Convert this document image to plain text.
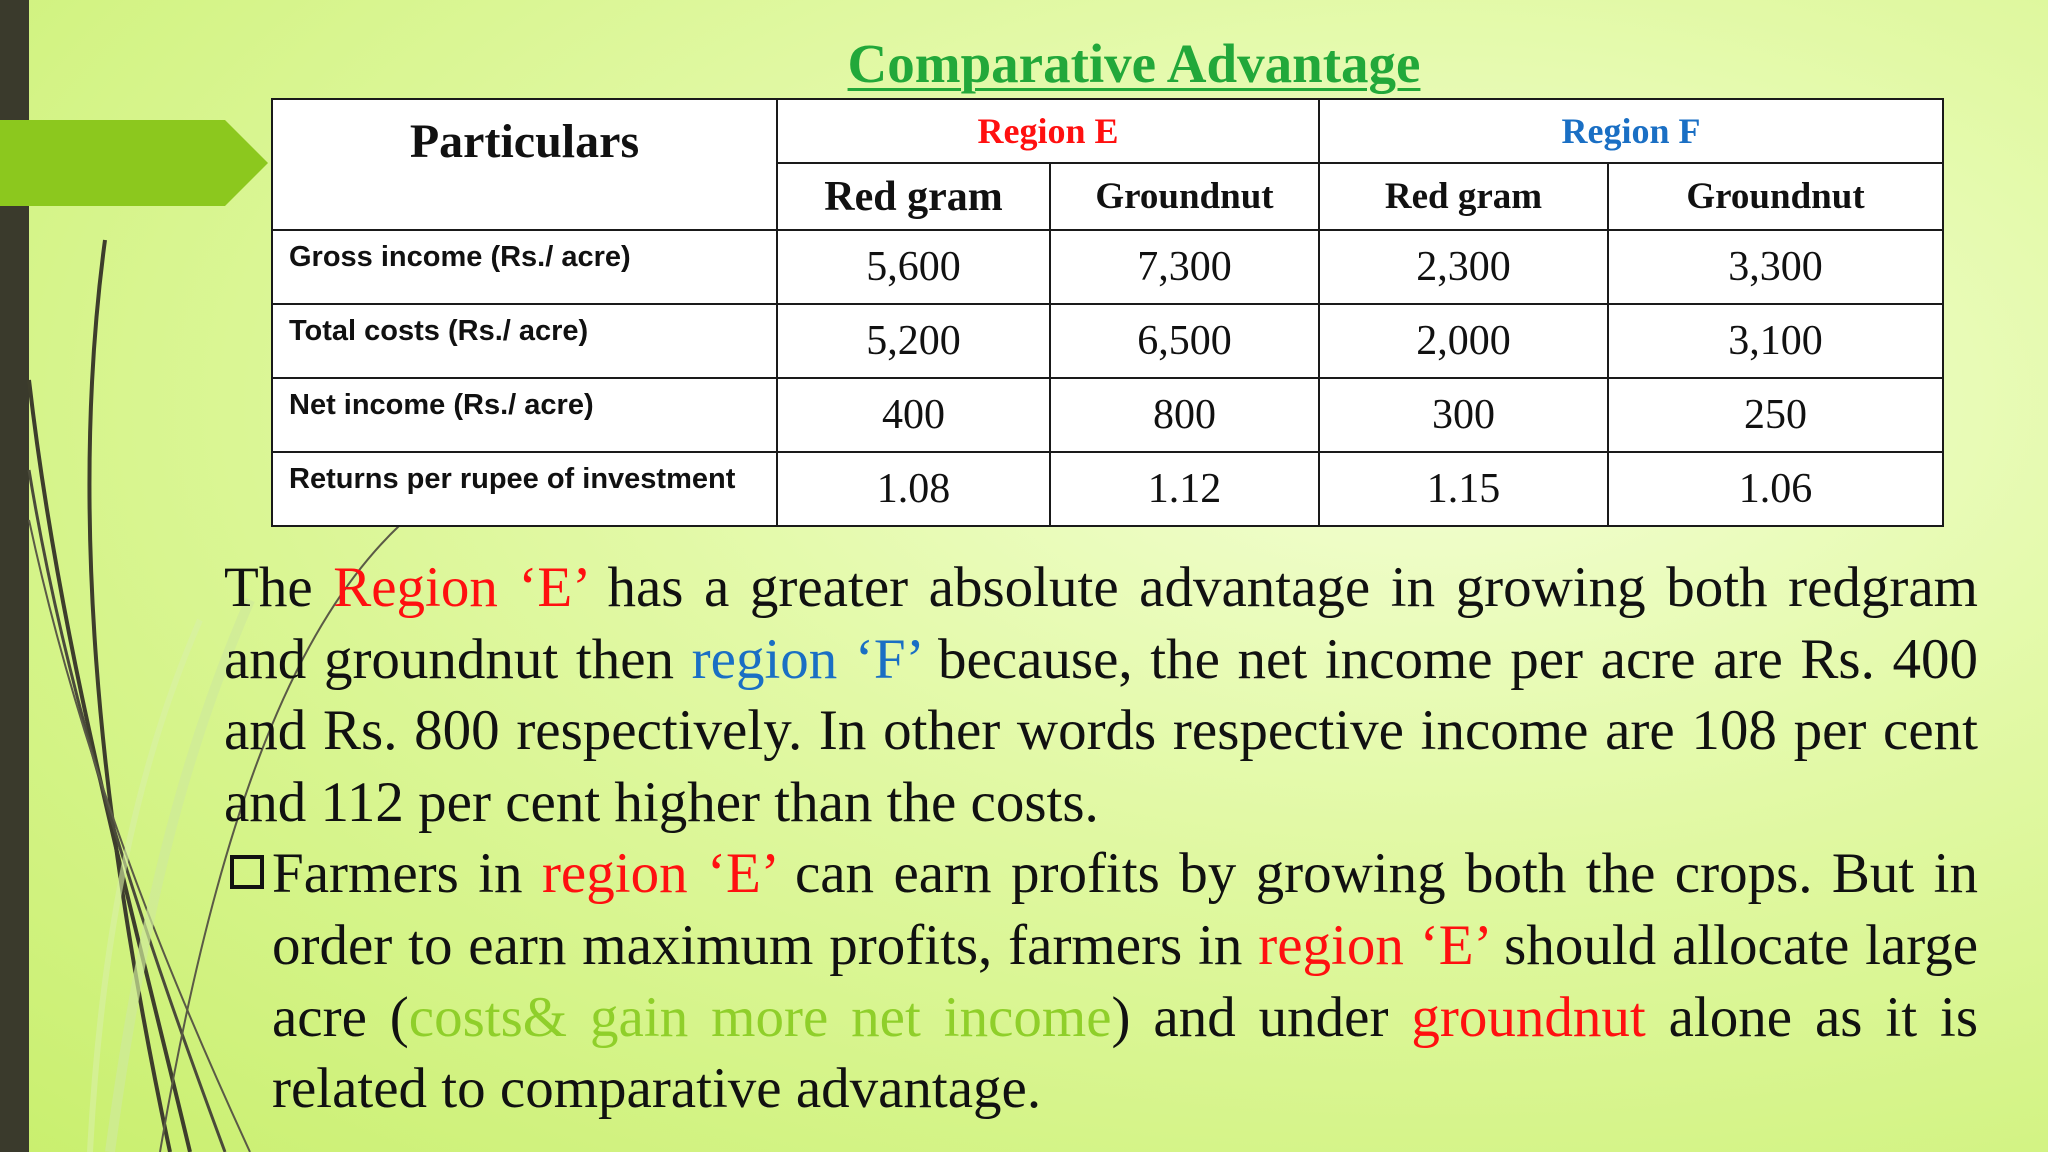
Comparative Advantage
Particulars	Region E		Region F	
	Red gram	Groundnut	Red gram	Groundnut
Gross income (Rs./ acre)	5,600	7,300	2,300	3,300
Total costs (Rs./ acre)	5,200	6,500	2,000	3,100
Net income (Rs./ acre)	400	800	300	250
Returns per rupee of investment	1.08	1.12	1.15	1.06

The Region ‘E’ has a greater absolute advantage in growing both redgram and groundnut then region ‘F’ because, the net income per acre are Rs. 400 and Rs. 800 respectively. In other words respective income are 108 per cent and 112 per cent higher than the costs.

Farmers in region ‘E’ can earn profits by growing both the crops. But in order to earn maximum profits, farmers in region ‘E’ should allocate large acre (costs& gain more net income) and under groundnut alone as it is related to comparative advantage.
